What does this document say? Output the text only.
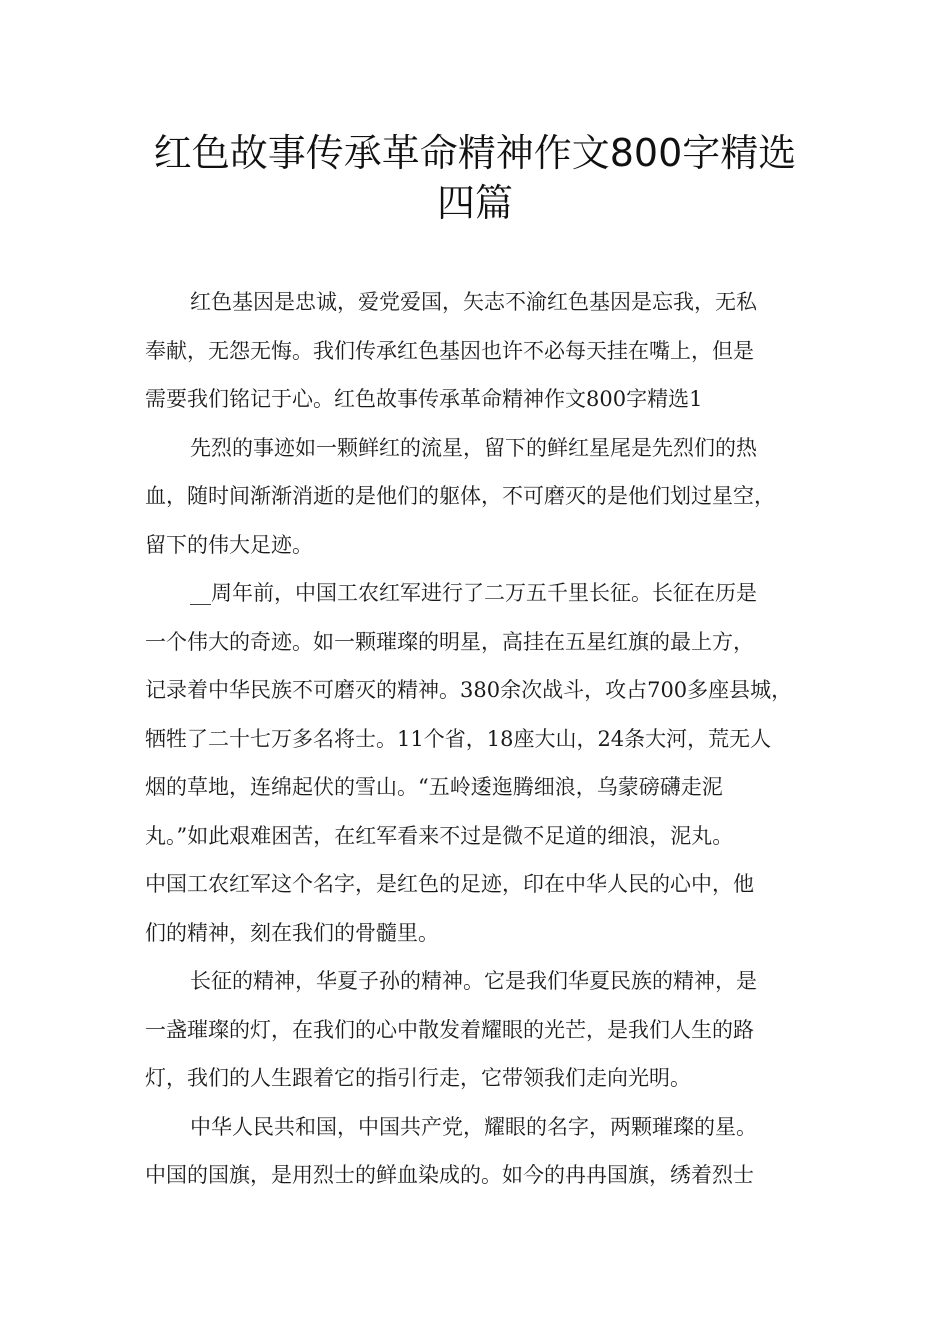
红色故事传承革命精神作文800字精选
四篇

红色基因是忠诚，爱党爱国，矢志不渝红色基因是忘我，无私
奉献，无怨无悔。我们传承红色基因也许不必每天挂在嘴上，但是
需要我们铭记于心。红色故事传承革命精神作文800字精选1

先烈的事迹如一颗鲜红的流星，留下的鲜红星尾是先烈们的热
血，随时间渐渐消逝的是他们的躯体，不可磨灭的是他们划过星空，
留下的伟大足迹。

__周年前，中国工农红军进行了二万五千里长征。长征在历是
一个伟大的奇迹。如一颗璀璨的明星，高挂在五星红旗的最上方，
记录着中华民族不可磨灭的精神。380余次战斗，攻占700多座县城，
牺牲了二十七万多名将士。11个省，18座大山，24条大河，荒无人
烟的草地，连绵起伏的雪山。“五岭逶迤腾细浪，乌蒙磅礴走泥
丸。”如此艰难困苦，在红军看来不过是微不足道的细浪，泥丸。
中国工农红军这个名字，是红色的足迹，印在中华人民的心中，他
们的精神，刻在我们的骨髓里。

长征的精神，华夏子孙的精神。它是我们华夏民族的精神，是
一盏璀璨的灯，在我们的心中散发着耀眼的光芒，是我们人生的路
灯，我们的人生跟着它的指引行走，它带领我们走向光明。

中华人民共和国，中国共产党，耀眼的名字，两颗璀璨的星。
中国的国旗，是用烈士的鲜血染成的。如今的冉冉国旗，绣着烈士
